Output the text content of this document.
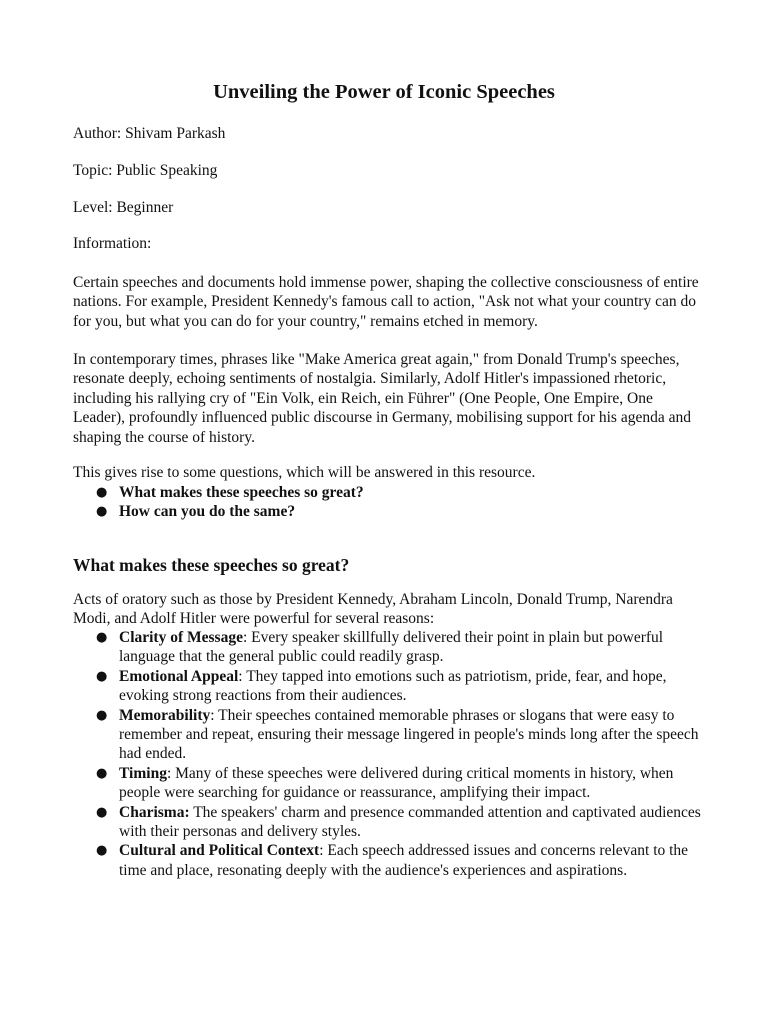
Unveiling the Power of Iconic Speeches

Author: Shivam Parkash

Topic: Public Speaking

Level: Beginner

Information:

Certain speeches and documents hold immense power, shaping the collective consciousness of entire nations. For example, President Kennedy's famous call to action, "Ask not what your country can do for you, but what you can do for your country," remains etched in memory.

In contemporary times, phrases like "Make America great again," from Donald Trump's speeches, resonate deeply, echoing sentiments of nostalgia. Similarly, Adolf Hitler's impassioned rhetoric, including his rallying cry of "Ein Volk, ein Reich, ein Führer" (One People, One Empire, One Leader), profoundly influenced public discourse in Germany, mobilising support for his agenda and shaping the course of history.

This gives rise to some questions, which will be answered in this resource.

● What makes these speeches so great?
● How can you do the same?
What makes these speeches so great?

Acts of oratory such as those by President Kennedy, Abraham Lincoln, Donald Trump, Narendra Modi, and Adolf Hitler were powerful for several reasons:

● Clarity of Message: Every speaker skillfully delivered their point in plain but powerful language that the general public could readily grasp.
● Emotional Appeal: They tapped into emotions such as patriotism, pride, fear, and hope, evoking strong reactions from their audiences.
● Memorability: Their speeches contained memorable phrases or slogans that were easy to remember and repeat, ensuring their message lingered in people's minds long after the speech had ended.
● Timing: Many of these speeches were delivered during critical moments in history, when people were searching for guidance or reassurance, amplifying their impact.
● Charisma: The speakers' charm and presence commanded attention and captivated audiences with their personas and delivery styles.
● Cultural and Political Context: Each speech addressed issues and concerns relevant to the time and place, resonating deeply with the audience's experiences and aspirations.
